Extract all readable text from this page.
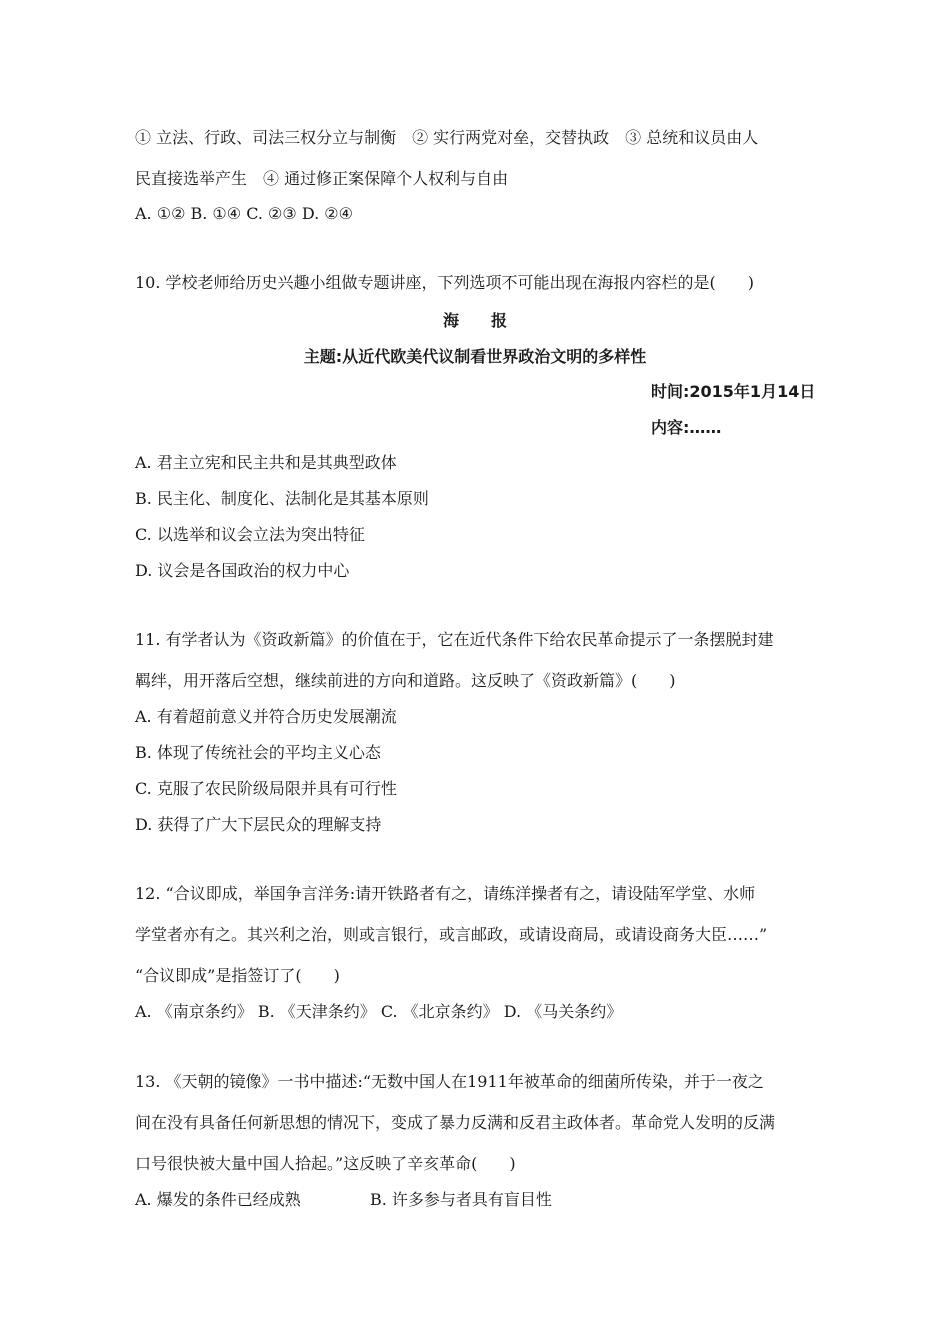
① 立法、行政、司法三权分立与制衡　② 实行两党对垒，交替执政　③ 总统和议员由人
民直接选举产生　④ 通过修正案保障个人权利与自由
A. ①② B. ①④ C. ②③ D. ②④
10. 学校老师给历史兴趣小组做专题讲座，下列选项不可能出现在海报内容栏的是(　　)
海　　报
主题:从近代欧美代议制看世界政治文明的多样性
时间:2015年1月14日
内容:……
A. 君主立宪和民主共和是其典型政体
B. 民主化、制度化、法制化是其基本原则
C. 以选举和议会立法为突出特征
D. 议会是各国政治的权力中心
11. 有学者认为《资政新篇》的价值在于，它在近代条件下给农民革命提示了一条摆脱封建
羁绊，用开落后空想，继续前进的方向和道路。这反映了《资政新篇》(　　)
A. 有着超前意义并符合历史发展潮流
B. 体现了传统社会的平均主义心态
C. 克服了农民阶级局限并具有可行性
D. 获得了广大下层民众的理解支持
12. “合议即成，举国争言洋务:请开铁路者有之，请练洋操者有之，请设陆军学堂、水师
学堂者亦有之。其兴利之治，则或言银行，或言邮政，或请设商局，或请设商务大臣……”
“合议即成”是指签订了(　　)
A. 《南京条约》 B. 《天津条约》 C. 《北京条约》 D. 《马关条约》
13. 《天朝的镜像》一书中描述:“无数中国人在1911年被革命的细菌所传染，并于一夜之
间在没有具备任何新思想的情况下，变成了暴力反满和反君主政体者。革命党人发明的反满
口号很快被大量中国人拾起。”这反映了辛亥革命(　　)
A. 爆发的条件已经成熟	B. 许多参与者具有盲目性
